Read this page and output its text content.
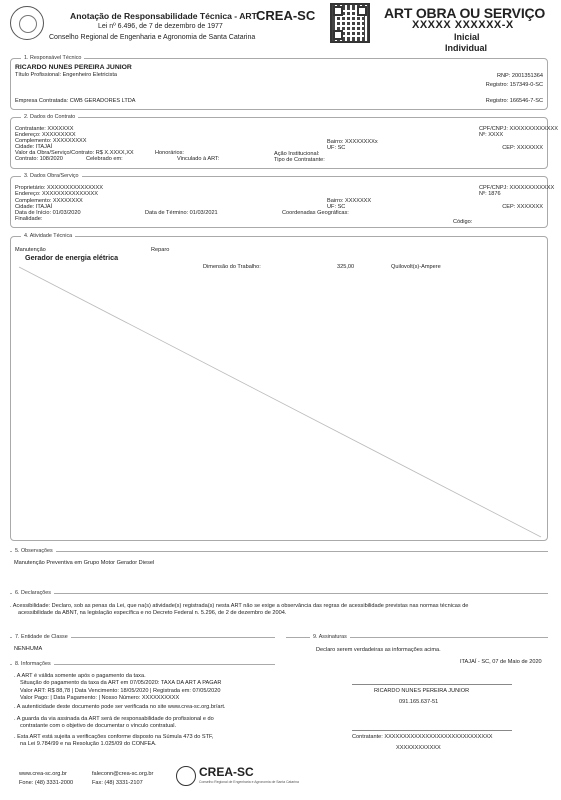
Anotação de Responsabilidade Técnica - ART
Lei nº 6.496, de 7 de dezembro de 1977
Conselho Regional de Engenharia e Agronomia de Santa Catarina
CREA-SC	ART OBRA OU SERVIÇO
XXXXX XXXXXX-X
Inicial
Individual
1. Responsável Técnico
RICARDO NUNES PEREIRA JUNIOR
Título Profissional: Engenheiro Eletricista	RNP: 2001351364
Registro: 157349-0-SC
Empresa Contratada: CWB GERADORES LTDA	Registro: 166546-7-SC
2. Dados do Contrato
Contratante: XXXXXXX
Endereço: XXXXXXXXX
Complemento: XXXXXXXXX
Cidade: ITAJAÍ
Valor da Obra/Serviço/Contrato: R$ X.XXXX,XX	Honorários:
Contrato: 108/2020	Celebrado em:	Vinculado à ART:
CPF/CNPJ: XXXXXXXXXXXXX
Nº: XXXX
Bairro: XXXXXXXXx
UF: SC	CEP: XXXXXXX
Ação Institucional:
Tipo de Contratante:
3. Dados Obra/Serviço
Proprietário: XXXXXXXXXXXXXXX
Endereço: XXXXXXXXXXXXXXX
Complemento: XXXXXXXX
Cidade: ITAJAÍ
Data de Início: 01/03/2020	Data de Término: 01/03/2021	Coordenadas Geográficas:
Finalidade:
CPF/CNPJ: XXXXXXXXXXXX
Nº: 1876
Bairro: XXXXXXX
UF: SC	CEP: XXXXXXX
Código:
4. Atividade Técnica
Manutenção	Reparo
Gerador de energia elétrica
Dimensão do Trabalho:	325,00	Quilovolt(s)-Ampere
5. Observações
Manutenção Preventiva em Grupo Motor Gerador Diesel
6. Declarações
. Acessibilidade: Declaro, sob as penas da Lei, que na(s) atividade(s) registrada(s) nesta ART não se exige a observância das regras de acessibilidade previstas nas normas técnicas de
acessibilidade da ABNT, na legislação específica e no Decreto Federal n. 5.296, de 2 de dezembro de 2004.
7. Entidade de Classe
NENHUMA
8. Informações
. A ART é válida somente após o pagamento da taxa.
Situação do pagamento da taxa da ART em 07/05/2020: TAXA DA ART A PAGAR
Valor ART: R$ 88,78 | Data Vencimento: 18/05/2020 | Registrada em: 07/05/2020
Valor Pago: | Data Pagamento: | Nosso Número: XXXXXXXXXX
. A autenticidade deste documento pode ser verificada no site www.crea-sc.org.br/art.
. A guarda da via assinada da ART será de responsabilidade do profissional e do
contratante com o objetivo de documentar o vínculo contratual.
. Esta ART está sujeita a verificações conforme disposto na Súmula 473 do STF,
na Lei 9.784/99 e na Resolução 1.025/09 do CONFEA.
9. Assinaturas
Declaro serem verdadeiras as informações acima.
ITAJAÍ - SC, 07 de Maio de 2020
RICARDO NUNES PEREIRA JUNIOR
091.165.637-51
Contratante: XXXXXXXXXXXXXXXXXXXXXXXXXXXXX
XXXXXXXXXXXX
www.crea-sc.org.br
Fone: (48) 3331-2000
faleconn@crea-sc.org.br
Fax: (48) 3331-2107
CREA-SC
Conselho Regional de Engenharia e Agronomia de Santa Catarina
